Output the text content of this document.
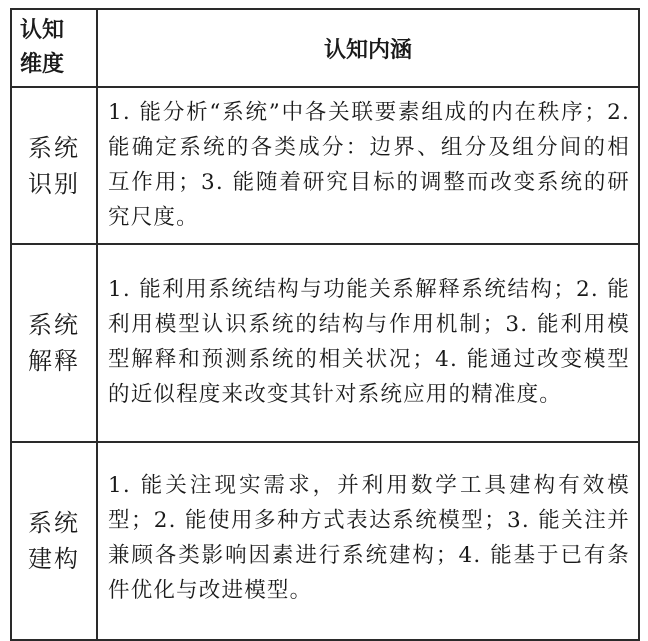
认知
维度	认知内涵

系统
识别	1. 能分析“系统”中各关联要素组成的内在秩序；2. 能确定系统的各类成分：边界、组分及组分间的相互作用；3. 能随着研究目标的调整而改变系统的研究尺度。

系统
解释	1. 能利用系统结构与功能关系解释系统结构；2. 能利用模型认识系统的结构与作用机制；3. 能利用模型解释和预测系统的相关状况；4. 能通过改变模型的近似程度来改变其针对系统应用的精准度。

系统
建构	1. 能关注现实需求，并利用数学工具建构有效模型；2. 能使用多种方式表达系统模型；3. 能关注并兼顾各类影响因素进行系统建构；4. 能基于已有条件优化与改进模型。
